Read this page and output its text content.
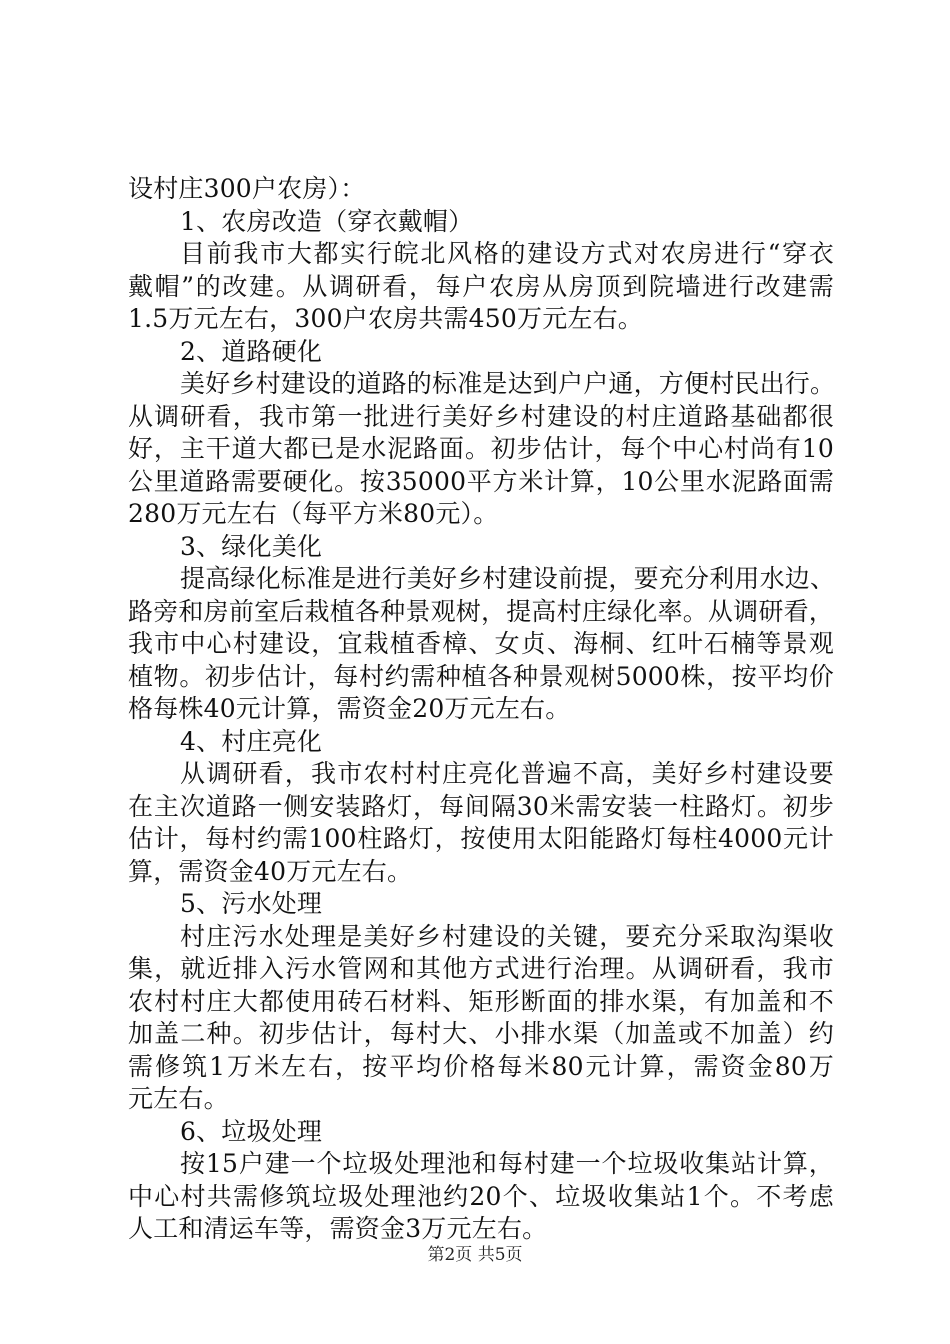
设村庄300户农房）：
1、农房改造（穿衣戴帽）
目前我市大都实行皖北风格的建设方式对农房进行“穿衣
戴帽”的改建。从调研看，每户农房从房顶到院墙进行改建需
1.5万元左右，300户农房共需450万元左右。
2、道路硬化
美好乡村建设的道路的标准是达到户户通，方便村民出行。
从调研看，我市第一批进行美好乡村建设的村庄道路基础都很
好，主干道大都已是水泥路面。初步估计，每个中心村尚有10
公里道路需要硬化。按35000平方米计算，10公里水泥路面需
280万元左右（每平方米80元）。
3、绿化美化
提高绿化标准是进行美好乡村建设前提，要充分利用水边、
路旁和房前室后栽植各种景观树，提高村庄绿化率。从调研看，
我市中心村建设，宜栽植香樟、女贞、海桐、红叶石楠等景观
植物。初步估计，每村约需种植各种景观树5000株，按平均价
格每株40元计算，需资金20万元左右。
4、村庄亮化
从调研看，我市农村村庄亮化普遍不高，美好乡村建设要
在主次道路一侧安装路灯，每间隔30米需安装一柱路灯。初步
估计，每村约需100柱路灯，按使用太阳能路灯每柱4000元计
算，需资金40万元左右。
5、污水处理
村庄污水处理是美好乡村建设的关键，要充分采取沟渠收
集，就近排入污水管网和其他方式进行治理。从调研看，我市
农村村庄大都使用砖石材料、矩形断面的排水渠，有加盖和不
加盖二种。初步估计，每村大、小排水渠（加盖或不加盖）约
需修筑1万米左右，按平均价格每米80元计算，需资金80万
元左右。
6、垃圾处理
按15户建一个垃圾处理池和每村建一个垃圾收集站计算，
中心村共需修筑垃圾处理池约20个、垃圾收集站1个。不考虑
人工和清运车等，需资金3万元左右。
第2页 共5页
